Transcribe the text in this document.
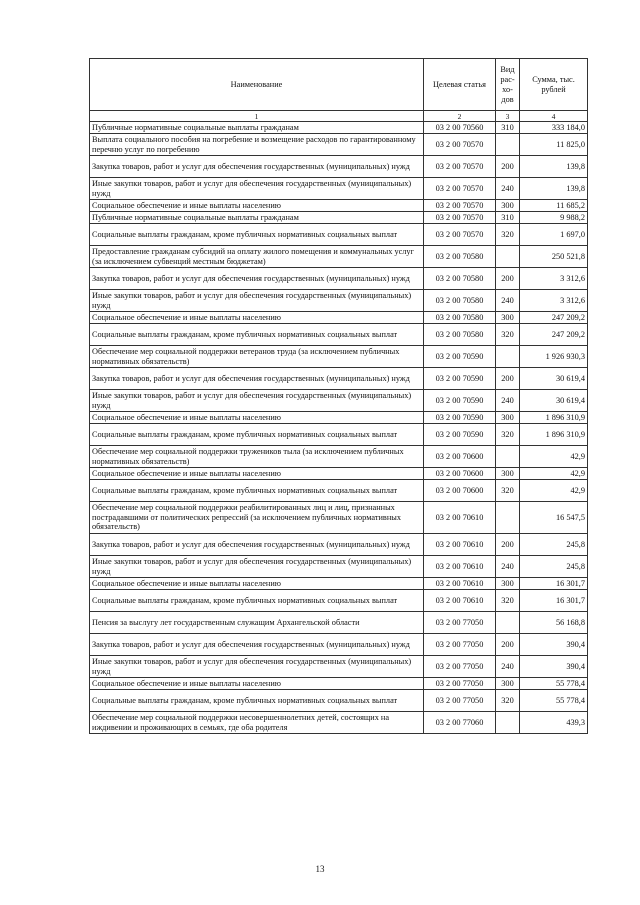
Наименование	Целевая статья	Вид рас-хо-дов	Сумма, тыс. рублей
1	2	3	4
Публичные нормативные социальные выплаты гражданам	03 2 00 70560	310	333 184,0
Выплата социального пособия на погребение и возмещение расходов по гарантированному перечню услуг по погребению	03 2 00 70570		11 825,0
Закупка товаров, работ и услуг для обеспечения государственных (муниципальных) нужд	03 2 00 70570	200	139,8
Иные закупки товаров, работ и услуг для обеспечения государственных (муниципальных) нужд	03 2 00 70570	240	139,8
Социальное обеспечение и иные выплаты населению	03 2 00 70570	300	11 685,2
Публичные нормативные социальные выплаты гражданам	03 2 00 70570	310	9 988,2
Социальные выплаты гражданам, кроме публичных нормативных социальных выплат	03 2 00 70570	320	1 697,0
Предоставление гражданам субсидий на оплату жилого помещения и коммунальных услуг (за исключением субвенций местным бюджетам)	03 2 00 70580		250 521,8
Закупка товаров, работ и услуг для обеспечения государственных (муниципальных) нужд	03 2 00 70580	200	3 312,6
Иные закупки товаров, работ и услуг для обеспечения государственных (муниципальных) нужд	03 2 00 70580	240	3 312,6
Социальное обеспечение и иные выплаты населению	03 2 00 70580	300	247 209,2
Социальные выплаты гражданам, кроме публичных нормативных социальных выплат	03 2 00 70580	320	247 209,2
Обеспечение мер социальной поддержки ветеранов труда (за исключением публичных нормативных обязательств)	03 2 00 70590		1 926 930,3
Закупка товаров, работ и услуг для обеспечения государственных (муниципальных) нужд	03 2 00 70590	200	30 619,4
Иные закупки товаров, работ и услуг для обеспечения государственных (муниципальных) нужд	03 2 00 70590	240	30 619,4
Социальное обеспечение и иные выплаты населению	03 2 00 70590	300	1 896 310,9
Социальные выплаты гражданам, кроме публичных нормативных социальных выплат	03 2 00 70590	320	1 896 310,9
Обеспечение мер социальной поддержки тружеников тыла (за исключением публичных нормативных обязательств)	03 2 00 70600		42,9
Социальное обеспечение и иные выплаты населению	03 2 00 70600	300	42,9
Социальные выплаты гражданам, кроме публичных нормативных социальных выплат	03 2 00 70600	320	42,9
Обеспечение мер социальной поддержки реабилитированных лиц и лиц, признанных пострадавшими от политических репрессий (за исключением публичных нормативных обязательств)	03 2 00 70610		16 547,5
Закупка товаров, работ и услуг для обеспечения государственных (муниципальных) нужд	03 2 00 70610	200	245,8
Иные закупки товаров, работ и услуг для обеспечения государственных (муниципальных) нужд	03 2 00 70610	240	245,8
Социальное обеспечение и иные выплаты населению	03 2 00 70610	300	16 301,7
Социальные выплаты гражданам, кроме публичных нормативных социальных выплат	03 2 00 70610	320	16 301,7
Пенсия за выслугу лет государственным служащим Архангельской области	03 2 00 77050		56 168,8
Закупка товаров, работ и услуг для обеспечения государственных (муниципальных) нужд	03 2 00 77050	200	390,4
Иные закупки товаров, работ и услуг для обеспечения государственных (муниципальных) нужд	03 2 00 77050	240	390,4
Социальное обеспечение и иные выплаты населению	03 2 00 77050	300	55 778,4
Социальные выплаты гражданам, кроме публичных нормативных социальных выплат	03 2 00 77050	320	55 778,4
Обеспечение мер социальной поддержки несовершеннолетних детей, состоящих на иждивении и проживающих в семьях, где оба родителя	03 2 00 77060		439,3
13
